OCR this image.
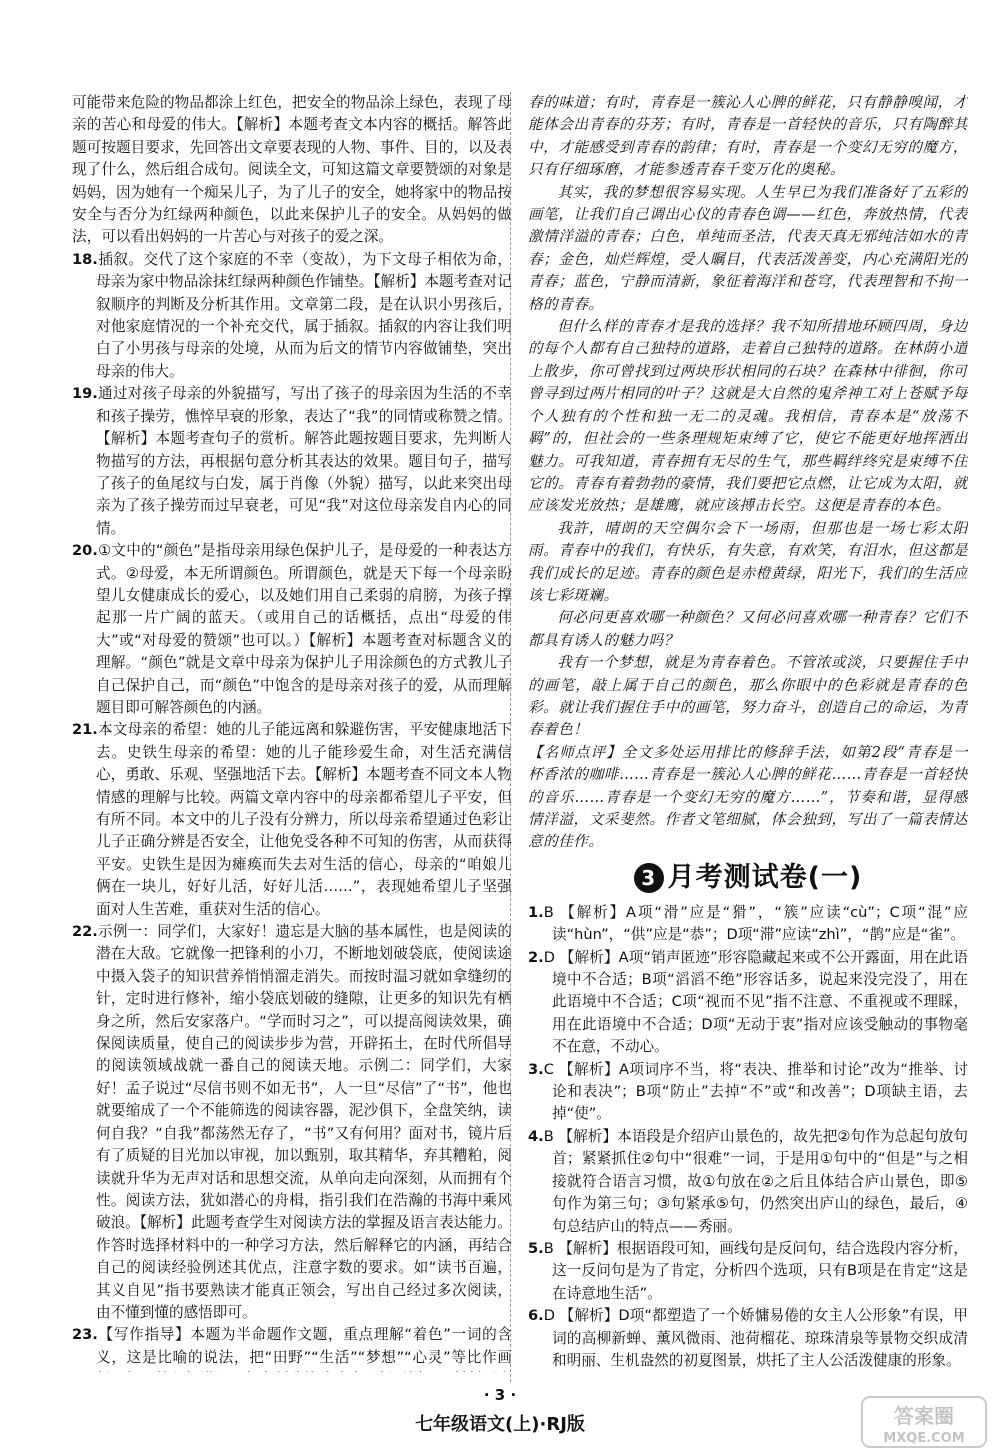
可能带来危险的物品都涂上红色，把安全的物品涂上绿色，表现了母亲的苦心和母爱的伟大。【解析】本题考查文本内容的概括。解答此题可按题目要求，先回答出文章要表现的人物、事件、目的，以及表现了什么，然后组合成句。阅读全文，可知这篇文章要赞颂的对象是妈妈，因为她有一个痴呆儿子，为了儿子的安全，她将家中的物品按安全与否分为红绿两种颜色，以此来保护儿子的安全。从妈妈的做法，可以看出妈妈的一片苦心与对孩子的爱之深。

18.插叙。交代了这个家庭的不幸（变故），为下文母子相依为命，母亲为家中物品涂抹红绿两种颜色作铺垫。【解析】本题考查对记叙顺序的判断及分析其作用。文章第二段，是在认识小男孩后，对他家庭情况的一个补充交代，属于插叙。插叙的内容让我们明白了小男孩与母亲的处境，从而为后文的情节内容做铺垫，突出母亲的伟大。

19.通过对孩子母亲的外貌描写，写出了孩子的母亲因为生活的不幸和孩子操劳，憔悴早衰的形象，表达了“我”的同情或称赞之情。【解析】本题考查句子的赏析。解答此题按题目要求，先判断人物描写的方法，再根据句意分析其表达的效果。题目句子，描写了孩子的鱼尾纹与白发，属于肖像（外貌）描写，以此来突出母亲为了孩子操劳而过早衰老，可见“我”对这位母亲发自内心的同情。

20.①文中的“颜色”是指母亲用绿色保护儿子，是母爱的一种表达方式。②母爱，本无所谓颜色。所谓颜色，就是天下每一个母亲盼望儿女健康成长的爱心，以及她们用自己柔弱的肩膀，为孩子撑起那一片广阔的蓝天。（或用自己的话概括，点出“母爱的伟大”或“对母爱的赞颂”也可以。）【解析】本题考查对标题含义的理解。“颜色”就是文章中母亲为保护儿子用涂颜色的方式教儿子自己保护自己，而“颜色”中饱含的是母亲对孩子的爱，从而理解题目即可解答颜色的内涵。

21.本文母亲的希望：她的儿子能远离和躲避伤害，平安健康地活下去。史铁生母亲的希望：她的儿子能珍爱生命，对生活充满信心，勇敢、乐观、坚强地活下去。【解析】本题考查不同文本人物情感的理解与比较。两篇文章内容中的母亲都希望儿子平安，但有所不同。本文中的儿子没有分辨力，所以母亲希望通过色彩让儿子正确分辨是否安全，让他免受各种不可知的伤害，从而获得平安。史铁生是因为瘫痪而失去对生活的信心，母亲的“咱娘儿俩在一块儿，好好儿活，好好儿活……”，表现她希望儿子坚强面对人生苦难，重获对生活的信心。

22.示例一：同学们，大家好！遗忘是大脑的基本属性，也是阅读的潜在大敌。它就像一把锋利的小刀，不断地划破袋底，使阅读途中摄入袋子的知识营养悄悄溜走消失。而按时温习就如拿缝纫的针，定时进行修补，缩小袋底划破的缝隙，让更多的知识先有栖身之所，然后安家落户。“学而时习之”，可以提高阅读效果，确保阅读质量，使自己的阅读步步为营，开辟拓土，在时代所倡导的阅读领域战就一番自己的阅读天地。示例二：同学们，大家好！孟子说过“尽信书则不如无书”，人一旦“尽信”了“书”，他也就要缩成了一个不能筛选的阅读容器，泥沙俱下，全盘笑纳，读何自我？“自我”都荡然无存了，“书”又有何用？面对书，镜片后有了质疑的目光加以审视，加以甄别，取其精华，弃其糟粕，阅读就升华为无声对话和思想交流，从单向走向深刻，从而拥有个性。阅读方法，犹如潜心的舟楫，指引我们在浩瀚的书海中乘风破浪。【解析】此题考查学生对阅读方法的掌握及语言表达能力。作答时选择材料中的一种学习方法，然后解释它的内涵，再结合自己的阅读经验例述其优点，注意字数的要求。如“读书百遍，其义自见”指书要熟读才能真正领会，写出自己经过多次阅读，由不懂到懂的感悟即可。

23.【写作指导】本题为半命题作文题，重点理解“着色”一词的含义，这是比喻的说法，把“田野”“生活”“梦想”“心灵”等比作画

春的味道；有时，青春是一簇沁人心脾的鲜花，只有静静嗅闻，才能体会出青春的芬芳；有时，青春是一首轻快的音乐，只有陶醉其中，才能感受到青春的韵律；有时，青春是一个变幻无穷的魔方，只有仔细琢磨，才能参透青春千变万化的奥秘。

其实，我的梦想很容易实现。人生早已为我们准备好了五彩的画笔，让我们自己调出心仪的青春色调——红色，奔放热情，代表激情洋溢的青春；白色，单纯而圣洁，代表天真无邪纯洁如水的青春；金色，灿烂辉煌，受人瞩目，代表活泼善变，内心充满阳光的青春；蓝色，宁静而清新，象征着海洋和苍穹，代表理智和不拘一格的青春。

但什么样的青春才是我的选择？我不知所措地环顾四周，身边的每个人都有自己独特的道路，走着自己独特的道路。在林荫小道上散步，你可曾找到过两块形状相同的石块？在森林中徘徊，你可曾寻到过两片相同的叶子？这就是大自然的鬼斧神工对上苍赋予每个人独有的个性和独一无二的灵魂。我相信，青春本是“放荡不羁”的，但社会的一些条理规矩束缚了它，使它不能更好地挥洒出魅力。可我知道，青春拥有无尽的生气，那些羁绊终究是束缚不住它的。青春有着勃勃的豪情，我们要把它点燃，让它成为太阳，就应该发光放热；是雄鹰，就应该搏击长空。这便是青春的本色。

我許，晴朗的天空偶尔会下一场雨，但那也是一场七彩太阳雨。青春中的我们，有快乐，有失意，有欢笑，有泪水，但这都是我们成长的足迹。青春的颜色是赤橙黄绿，阳光下，我们的生活应该七彩斑斓。

何必问更喜欢哪一种颜色？又何必问喜欢哪一种青春？它们不都具有诱人的魅力吗？

我有一个梦想，就是为青春着色。不管浓或淡，只要握住手中的画笔，敲上属于自己的颜色，那么你眼中的色彩就是青春的色彩。就让我们握住手中的画笔，努力奋斗，创造自己的命运，为青春着色！

【名师点评】全文多处运用排比的修辞手法，如第2段“青春是一杯香浓的咖啡……青春是一簇沁人心脾的鲜花……青春是一首轻快的音乐……青春是一个变幻无穷的魔方……”，节奏和谐，显得感情洋溢，文采斐然。作者文笔细腻，体会独到，写出了一篇表情达意的佳作。

3 月考测试卷(一)

1.B 【解析】A项“滑”应是“猾”，“簇”应读“cù”；C项“混”应读“hùn”，“供”应是“恭”；D项“滞”应读“zhì”，“鹊”应是“雀”。

2.D 【解析】A项“销声匿迹”形容隐藏起来或不公开露面，用在此语境中不合适；B项“滔滔不绝”形容话多，说起来没完没了，用在此语境中不合适；C项“视而不见”指不注意、不重视或不理睬，用在此语境中不合适；D项“无动于衷”指对应该受触动的事物毫不在意，不动心。

3.C 【解析】A项词序不当，将“表决、推举和讨论”改为“推举、讨论和表决”；B项“防止”去掉“不”或“和改善”；D项缺主语，去掉“使”。

4.B 【解析】本语段是介绍庐山景色的，故先把②句作为总起句放句首；紧紧抓住②句中“很难”一词，于是用①句中的“但是”与之相接就符合语言习惯，故①句放在②之后且体结合庐山景色，即⑤句作为第三句；③句紧承⑤句，仍然突出庐山的绿色，最后，④句总结庐山的特点——秀丽。

5.B 【解析】根据语段可知，画线句是反问句，结合选段内容分析，这一反问句是为了肯定，分析四个选项，只有B项是在肯定“这是在诗意地生活”。

6.D 【解析】D项“都塑造了一个娇慵易倦的女主人公形象”有误，甲词的高柳新蝉、薰风微雨、池荷榴花、琼珠清泉等景物交织成清和明丽、生机盎然的初夏图景，烘托了主人公活泼健康的形象。

· 3 ·
七年级语文(上)·RJ版	答案圈
MXQE.COM
